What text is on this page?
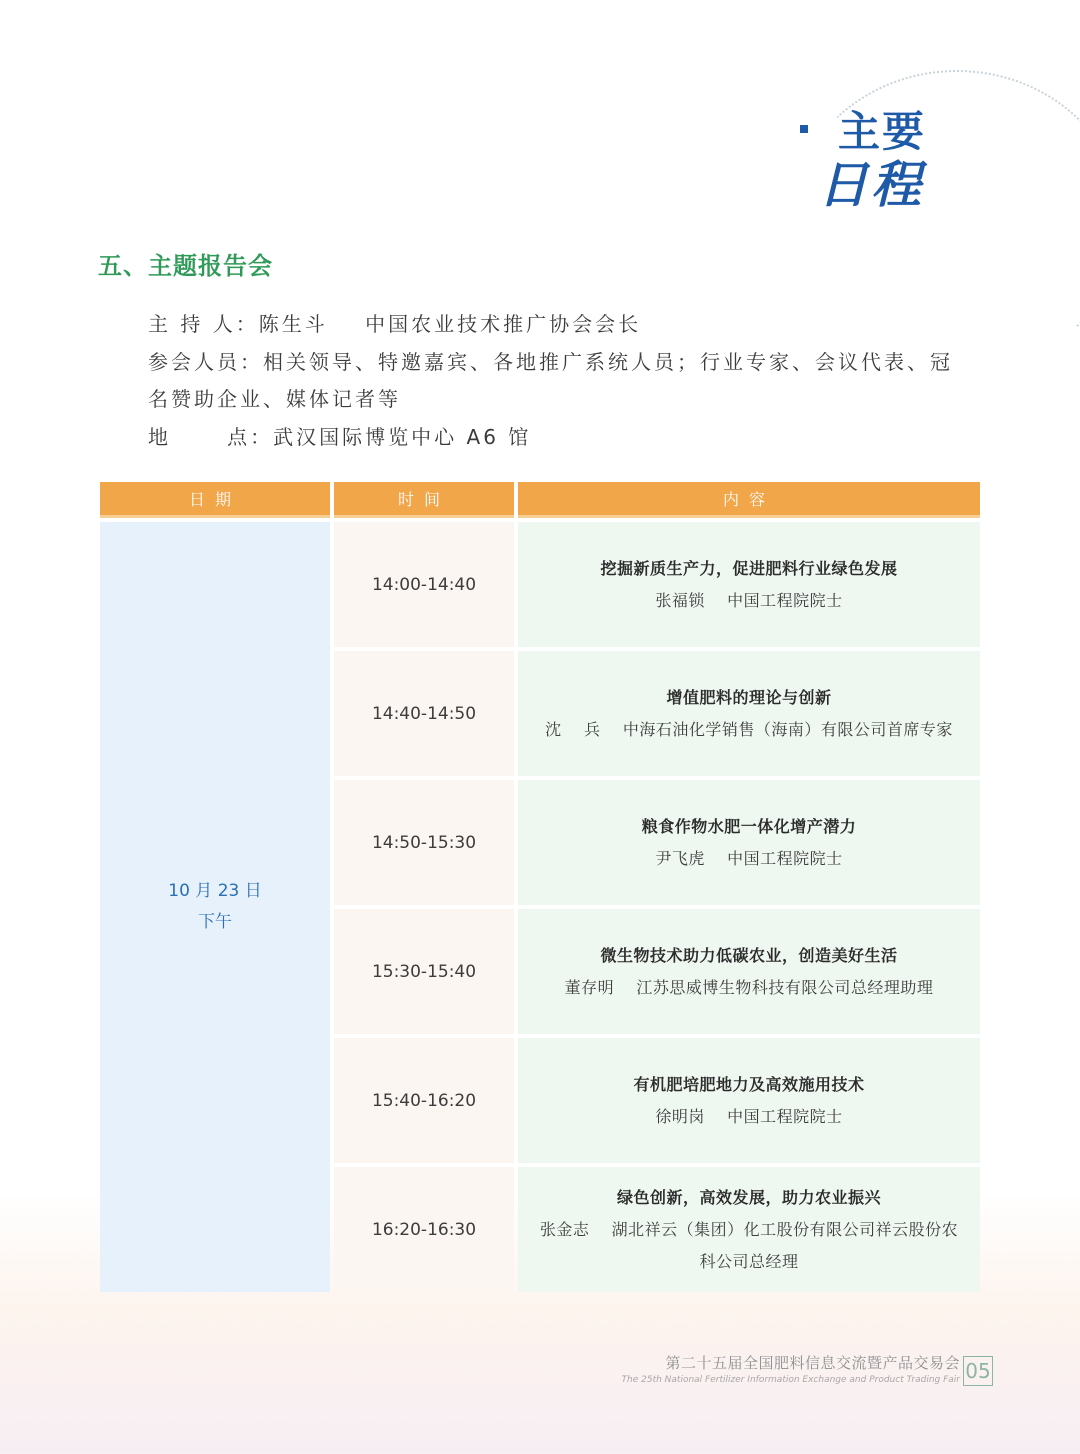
主要
日程
五、主题报告会
主 持 人： 陈生斗    中国农业技术推广协会会长
参会人员： 相关领导、特邀嘉宾、各地推广系统人员；行业专家、会议代表、冠
名赞助企业、媒体记者等
地      点： 武汉国际博览中心 A6 馆
日期	时间	内容
10 月 23 日
下午
14:00-14:40
挖掘新质生产力，促进肥料行业绿色发展
张福锁    中国工程院院士
14:40-14:50
增值肥料的理论与创新
沈    兵    中海石油化学销售（海南）有限公司首席专家
14:50-15:30
粮食作物水肥一体化增产潜力
尹飞虎    中国工程院院士
15:30-15:40
微生物技术助力低碳农业，创造美好生活
董存明    江苏思威博生物科技有限公司总经理助理
15:40-16:20
有机肥培肥地力及高效施用技术
徐明岗    中国工程院院士
16:20-16:30
绿色创新，高效发展，助力农业振兴
张金志    湖北祥云（集团）化工股份有限公司祥云股份农
科公司总经理
第二十五届全国肥料信息交流暨产品交易会
The 25th National Fertilizer Information Exchange and Product Trading Fair 05
